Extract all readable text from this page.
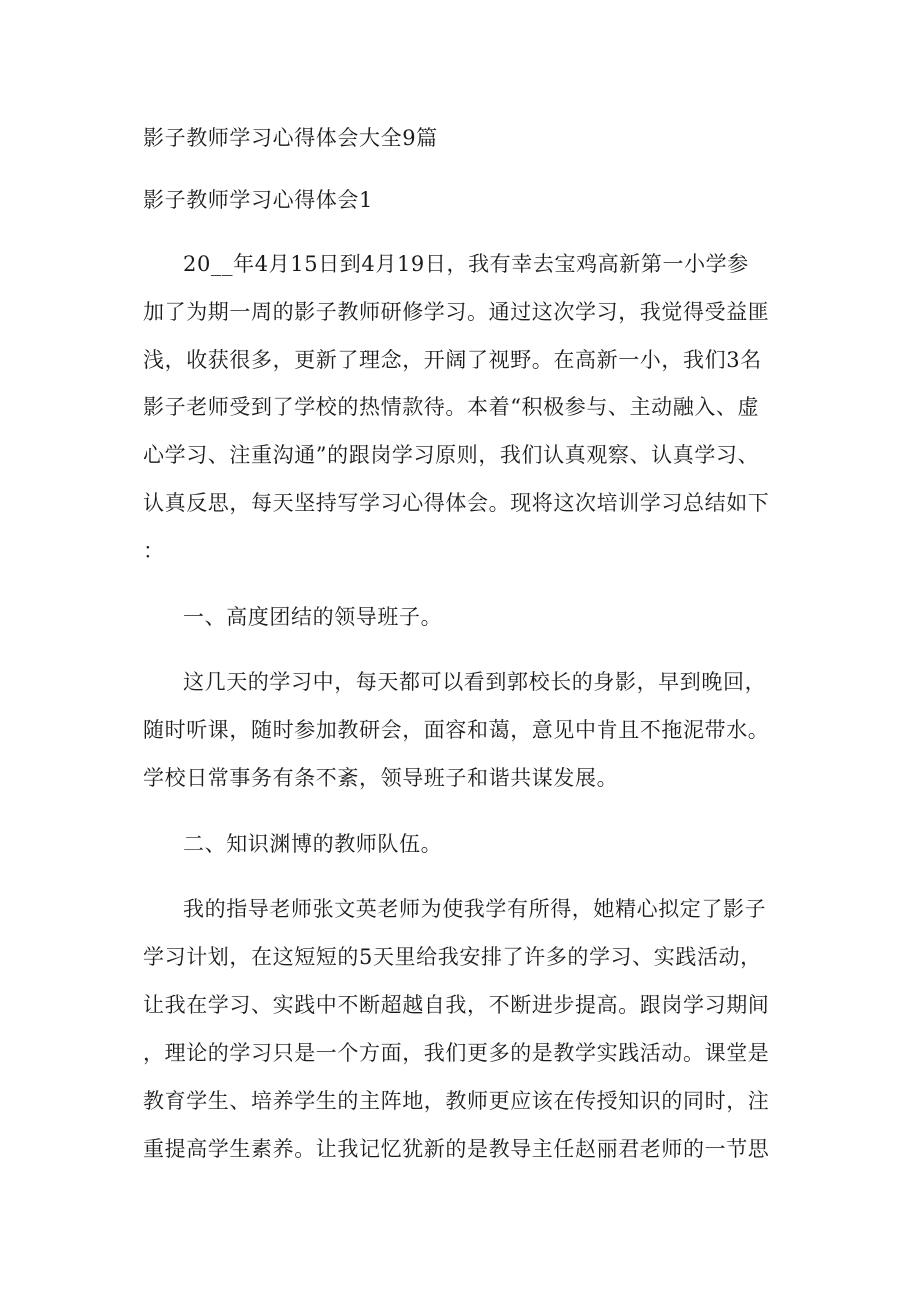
影子教师学习心得体会大全9篇
影子教师学习心得体会1
20__年4月15日到4月19日，我有幸去宝鸡高新第一小学参
加了为期一周的影子教师研修学习。通过这次学习，我觉得受益匪
浅，收获很多，更新了理念，开阔了视野。在高新一小，我们3名
影子老师受到了学校的热情款待。本着“积极参与、主动融入、虚
心学习、注重沟通”的跟岗学习原则，我们认真观察、认真学习、
认真反思，每天坚持写学习心得体会。现将这次培训学习总结如下
：
一、高度团结的领导班子。
这几天的学习中，每天都可以看到郭校长的身影，早到晚回，
随时听课，随时参加教研会，面容和蔼，意见中肯且不拖泥带水。
学校日常事务有条不紊，领导班子和谐共谋发展。
二、知识渊博的教师队伍。
我的指导老师张文英老师为使我学有所得，她精心拟定了影子
学习计划，在这短短的5天里给我安排了许多的学习、实践活动，
让我在学习、实践中不断超越自我，不断进步提高。跟岗学习期间
，理论的学习只是一个方面，我们更多的是教学实践活动。课堂是
教育学生、培养学生的主阵地，教师更应该在传授知识的同时，注
重提高学生素养。让我记忆犹新的是教导主任赵丽君老师的一节思
